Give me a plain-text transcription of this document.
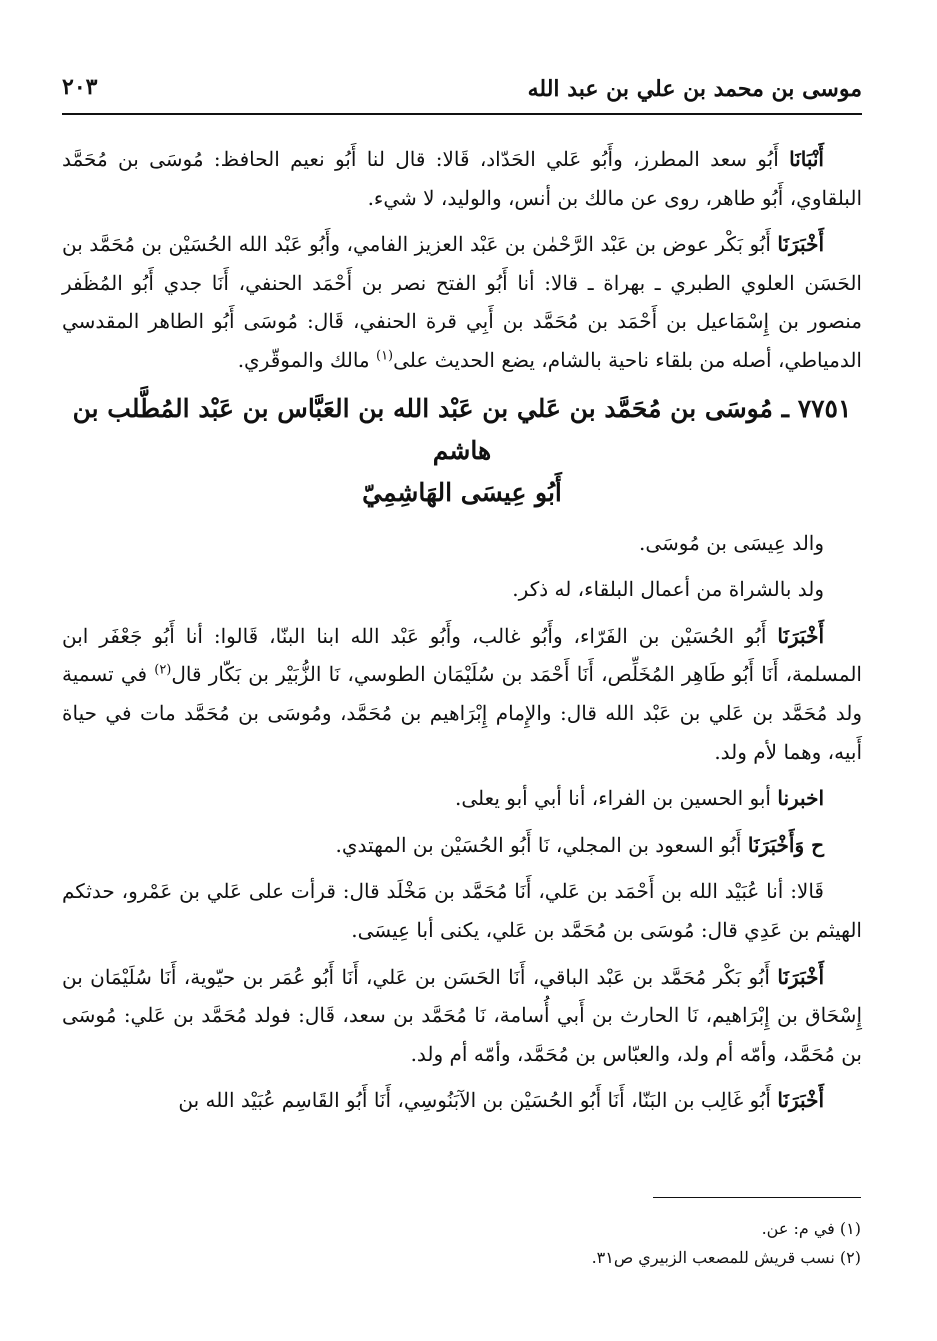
موسى بن محمد بن علي بن عبد الله
٢٠٣

أَنْبَانَا أَبُو سعد المطرز، وأَبُو عَلي الحَدّاد، قَالا: قال لنا أَبُو نعيم الحافظ: مُوسَى بن مُحَمَّد البلقاوي، أَبُو طاهر، روى عن مالك بن أنس، والوليد، لا شيء.

أَخْبَرَنَا أَبُو بَكْر عوض بن عَبْد الرَّحْمٰن بن عَبْد العزيز الفامي، وأَبُو عَبْد الله الحُسَيْن بن مُحَمَّد بن الحَسَن العلوي الطبري ـ بهراة ـ قالا: أنا أَبُو الفتح نصر بن أَحْمَد الحنفي، أَنَا جدي أَبُو المُظَفر منصور بن إِسْمَاعيل بن أَحْمَد بن مُحَمَّد بن أَبِي قرة الحنفي، قَال: مُوسَى أَبُو الطاهر المقدسي الدمياطي، أصله من بلقاء ناحية بالشام، يضع الحديث على$^{(١)}$ مالك والموقّري.

٧٧٥١ ـ مُوسَى بن مُحَمَّد بن عَلي بن عَبْد الله بن العَبَّاس بن عَبْد المُطَّلب بن هاشم
أَبُو عِيسَى الهَاشِمِيّ

والد عِيسَى بن مُوسَى.

ولد بالشراة من أعمال البلقاء، له ذكر.

أَخْبَرَنَا أَبُو الحُسَيْن بن الفَرّاء، وأَبُو غالب، وأَبُو عَبْد الله ابنا البنّا، قَالوا: أنا أَبُو جَعْفَر ابن المسلمة، أَنَا أَبُو طَاهِر المُخَلِّص، أَنَا أَحْمَد بن سُلَيْمَان الطوسي، نَا الزُّبَيْر بن بَكّار قال$^{(٢)}$ في تسمية ولد مُحَمَّد بن عَلي بن عَبْد الله قال: والإِمام إِبْرَاهيم بن مُحَمَّد، ومُوسَى بن مُحَمَّد مات في حياة أَبيه، وهما لأم ولد.

اخبرنا أبو الحسين بن الفراء، أنا أبي أبو يعلى.

ح وَأَخْبَرَنَا أَبُو السعود بن المجلي، نَا أَبُو الحُسَيْن بن المهتدي.

قَالا: أنا عُبَيْد الله بن أَحْمَد بن عَلي، أَنَا مُحَمَّد بن مَخْلَد قال: قرأت على عَلي بن عَمْرو، حدثكم الهيثم بن عَدِي قال: مُوسَى بن مُحَمَّد بن عَلي، يكنى أبا عِيسَى.

أَخْبَرَنَا أَبُو بَكْر مُحَمَّد بن عَبْد الباقي، أَنَا الحَسَن بن عَلي، أَنَا أَبُو عُمَر بن حيّوية، أَنَا سُلَيْمَان بن إِسْحَاق بن إِبْرَاهيم، نَا الحارث بن أَبي أُسامة، نَا مُحَمَّد بن سعد، قَال: فولد مُحَمَّد بن عَلي: مُوسَى بن مُحَمَّد، وأمّه أم ولد، والعبّاس بن مُحَمَّد، وأمّه أم ولد.

أَخْبَرَنَا أَبُو غَالِب بن البَنّا، أَنَا أَبُو الحُسَيْن بن الآبَنُوسِي، أَنَا أَبُو القَاسِم عُبَيْد الله بن

(١) في م: عن.

(٢) نسب قريش للمصعب الزبيري ص٣١.
